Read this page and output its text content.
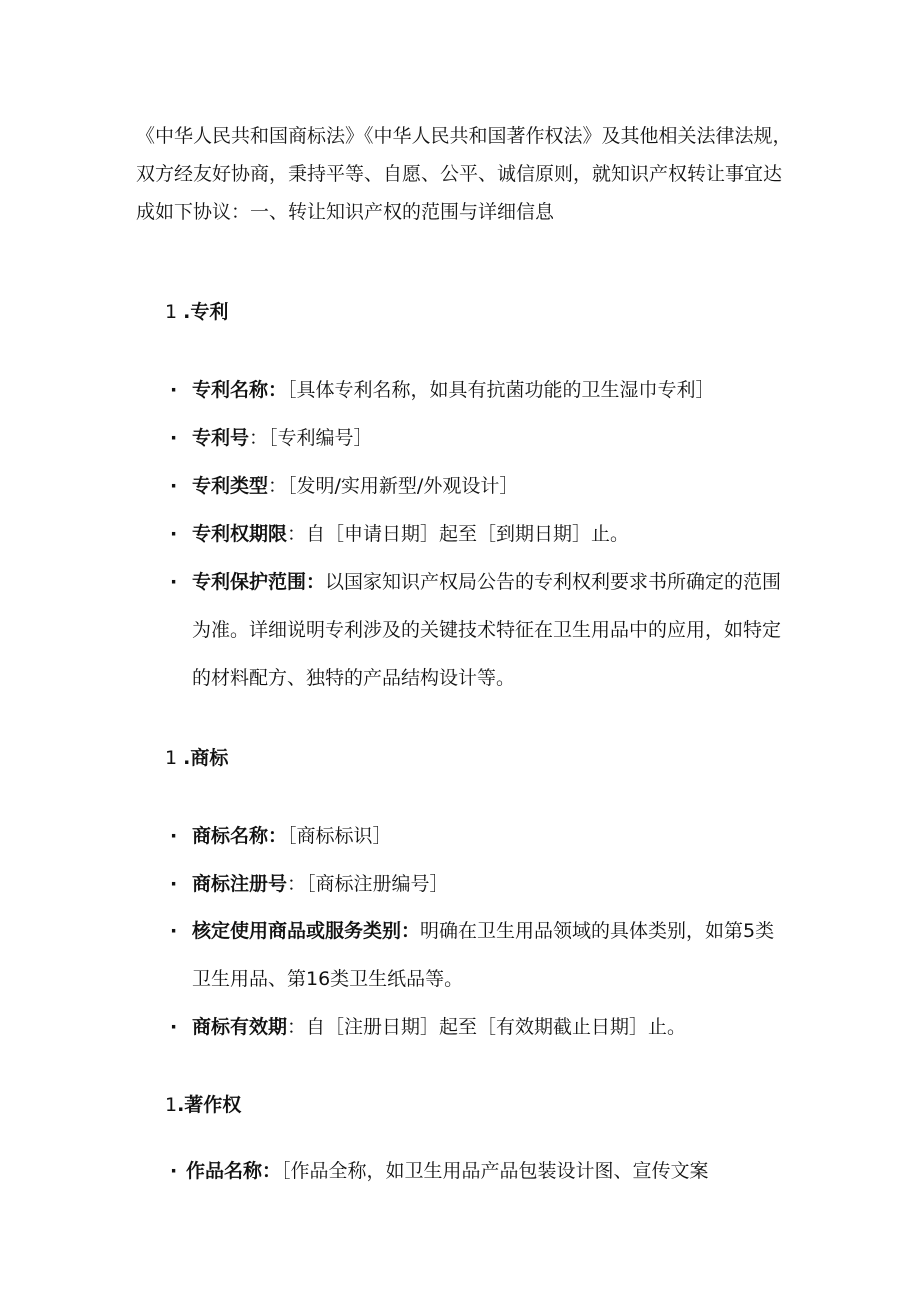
《中华人民共和国商标法》《中华人民共和国著作权法》及其他相关法律法规，双方经友好协商，秉持平等、自愿、公平、诚信原则，就知识产权转让事宜达成如下协议：一、转让知识产权的范围与详细信息

1 .专利

· 专利名称：［具体专利名称，如具有抗菌功能的卫生湿巾专利］

· 专利号：［专利编号］

· 专利类型：［发明/实用新型/外观设计］

· 专利权期限：自［申请日期］起至［到期日期］止。

· 专利保护范围：以国家知识产权局公告的专利权利要求书所确定的范围为准。详细说明专利涉及的关键技术特征在卫生用品中的应用，如特定的材料配方、独特的产品结构设计等。

1 .商标

· 商标名称：［商标标识］

· 商标注册号：［商标注册编号］

· 核定使用商品或服务类别：明确在卫生用品领域的具体类别，如第5类卫生用品、第16类卫生纸品等。

· 商标有效期：自［注册日期］起至［有效期截止日期］止。

1.著作权

· 作品名称：［作品全称，如卫生用品产品包装设计图、宣传文案
